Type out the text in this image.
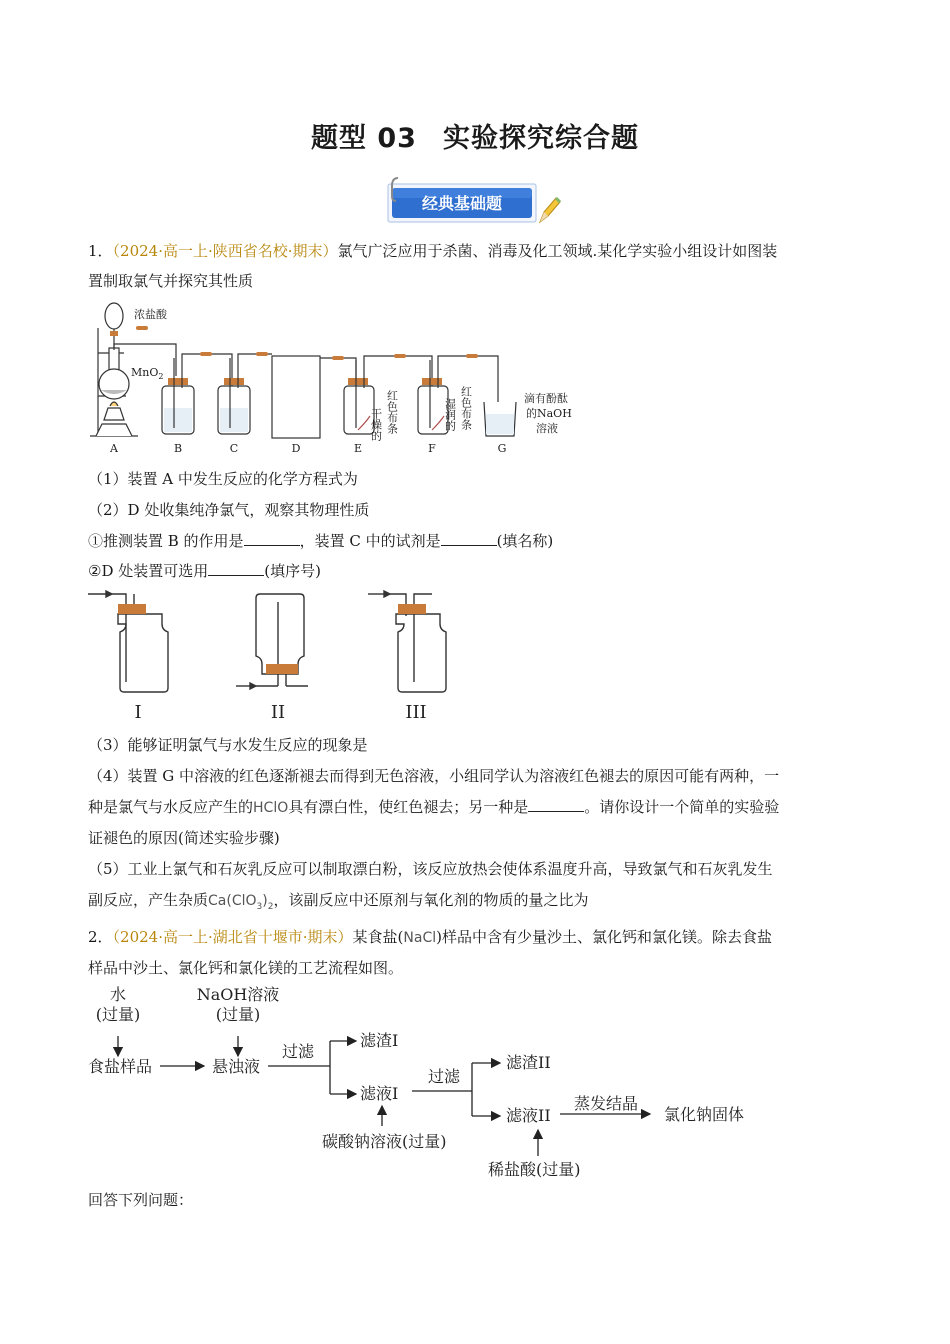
题型 03 实验探究综合题
经典基础题
1．（2024·高一上·陕西省名校·期末）氯气广泛应用于杀菌、消毒及化工领域.某化学实验小组设计如图装
置制取氯气并探究其性质
浓盐酸
MnO$_2$
干燥的 红色布条	湿润的 红色布条	滴有酚酞
的NaOH
溶液
A	B	C	D	E	F	G
（1）装置 A 中发生反应的化学方程式为
（2）D 处收集纯净氯气，观察其物理性质
①推测装置 B 的作用是	，装置 C 中的试剂是	(填名称)
②D 处装置可选用	(填序号)
I	II	III
（3）能够证明氯气与水发生反应的现象是
（4）装置 G 中溶液的红色逐渐褪去而得到无色溶液，小组同学认为溶液红色褪去的原因可能有两种，一
种是氯气与水反应产生的HClO具有漂白性，使红色褪去；另一种是	。请你设计一个简单的实验验
证褪色的原因(简述实验步骤)
（5）工业上氯气和石灰乳反应可以制取漂白粉，该反应放热会使体系温度升高，导致氯气和石灰乳发生
副反应，产生杂质$Ca(ClO_3)_2$，该副反应中还原剂与氧化剂的物质的量之比为
2．（2024·高一上·湖北省十堰市·期末）某食盐(NaCl)样品中含有少量沙土、氯化钙和氯化镁。除去食盐
样品中沙土、氯化钙和氯化镁的工艺流程如图。
水
(过量)
NaOH溶液
(过量)
食盐样品	悬浊液
过滤
滤渣I
滤液I
碳酸钠溶液(过量)
过滤
滤渣II
滤液II
稀盐酸(过量)
蒸发结晶
氯化钠固体
回答下列问题：
